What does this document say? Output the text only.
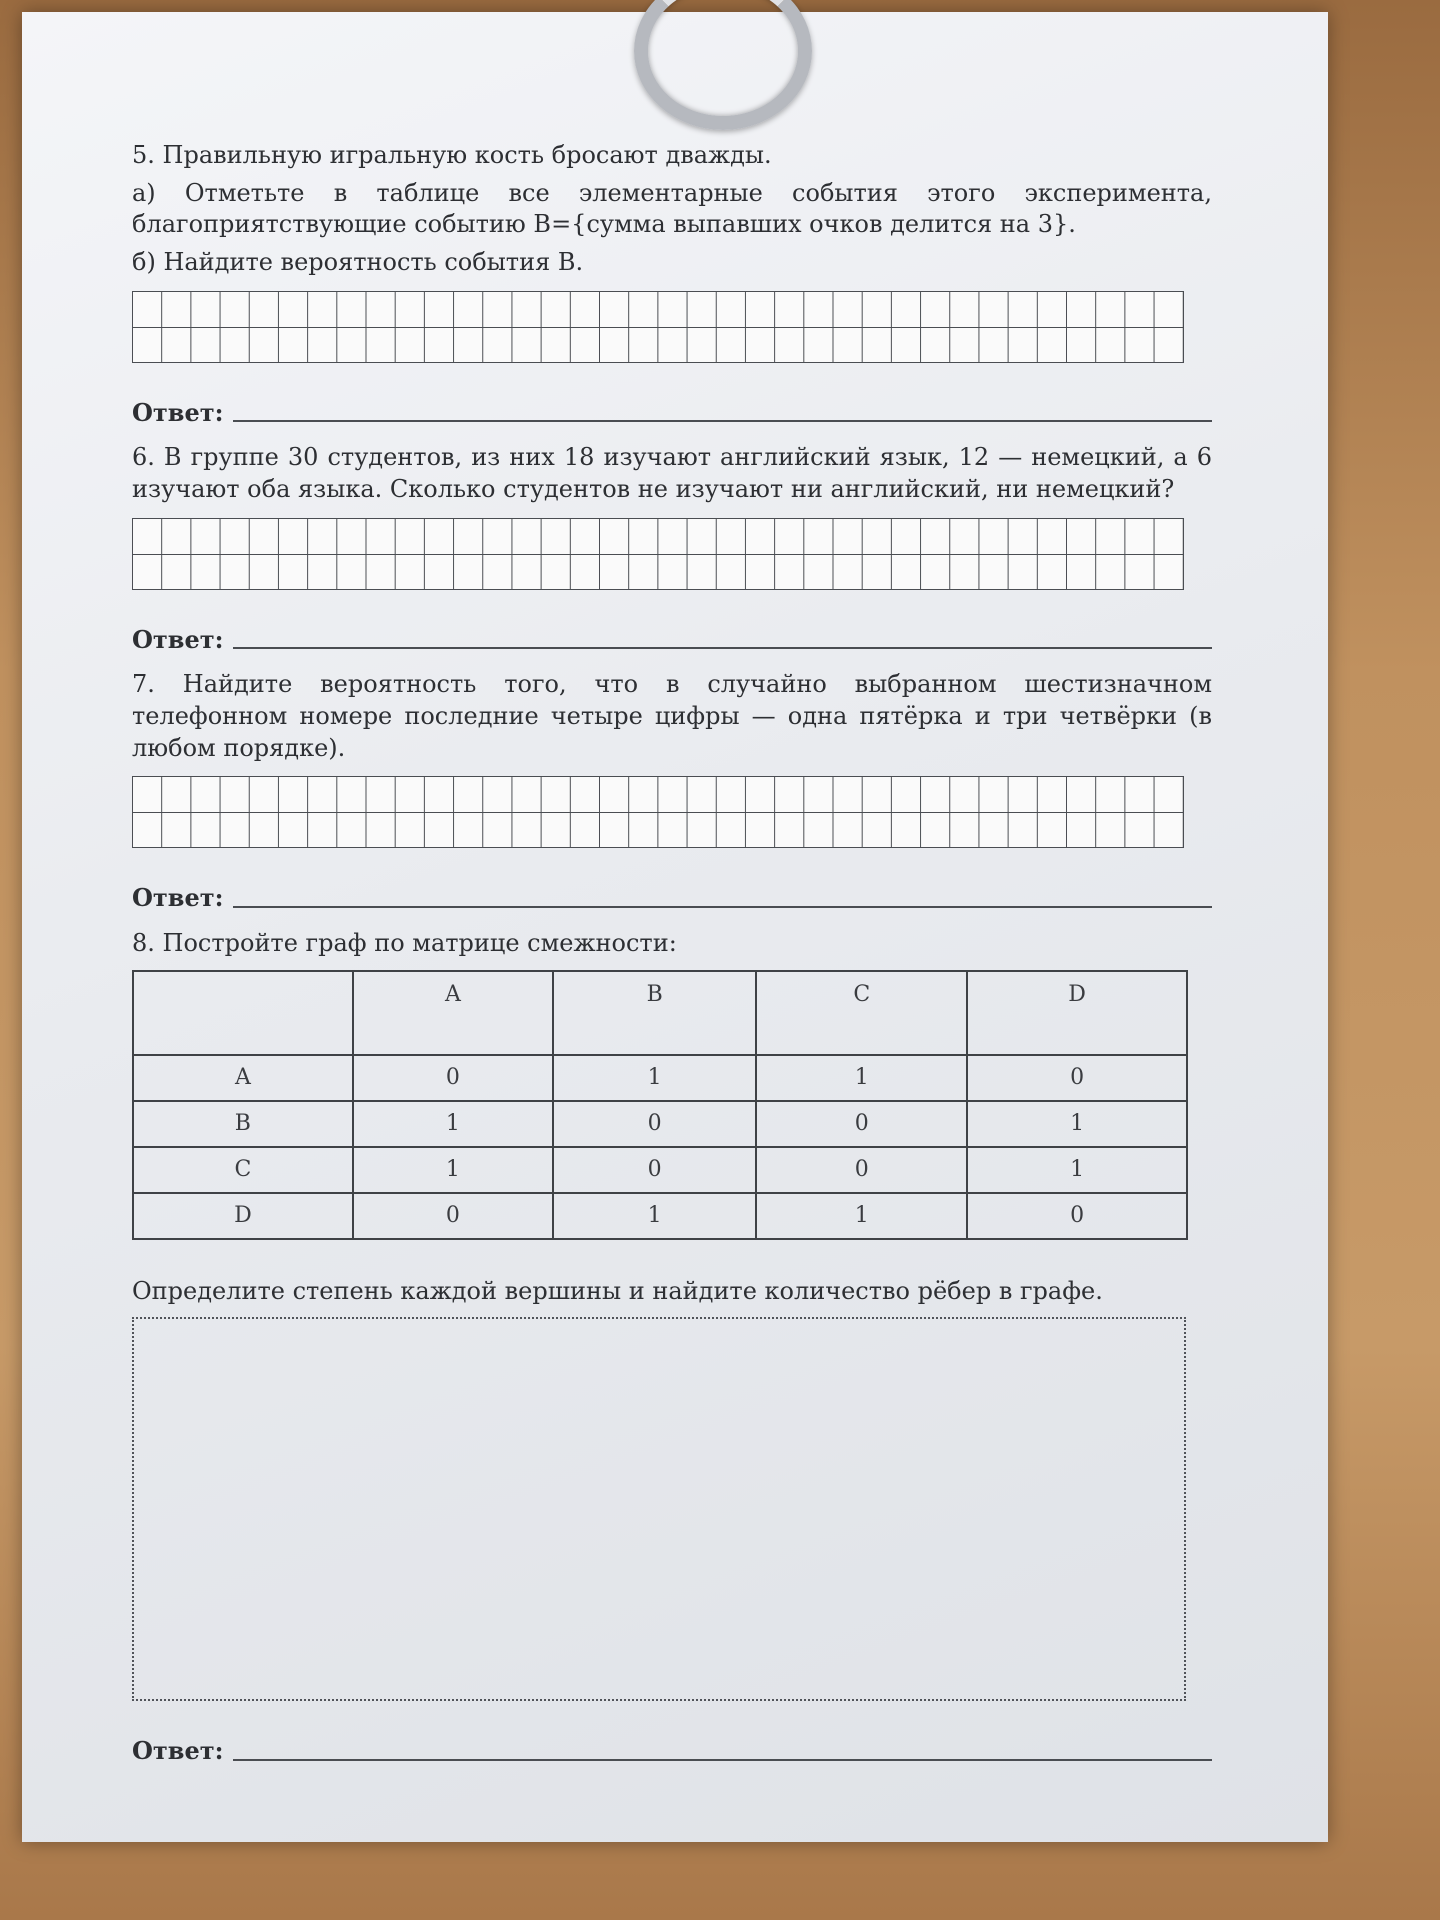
5. Правильную игральную кость бросают дважды.

а) Отметьте в таблице все элементарные события этого эксперимента, благоприятствующие событию B={сумма выпавших очков делится на 3}.

б) Найдите вероятность события B.

Ответ:

6. В группе 30 студентов, из них 18 изучают английский язык, 12 — немецкий, а 6 изучают оба языка. Сколько студентов не изучают ни английский, ни немецкий?

Ответ:

7. Найдите вероятность того, что в случайно выбранном шестизначном телефонном номере последние четыре цифры — одна пятёрка и три четвёрки (в любом порядке).

Ответ:

8. Постройте граф по матрице смежности:

	A	B	C	D
A	0	1	1	0
B	1	0	0	1
C	1	0	0	1
D	0	1	1	0

Определите степень каждой вершины и найдите количество рёбер в графе.

Ответ:
